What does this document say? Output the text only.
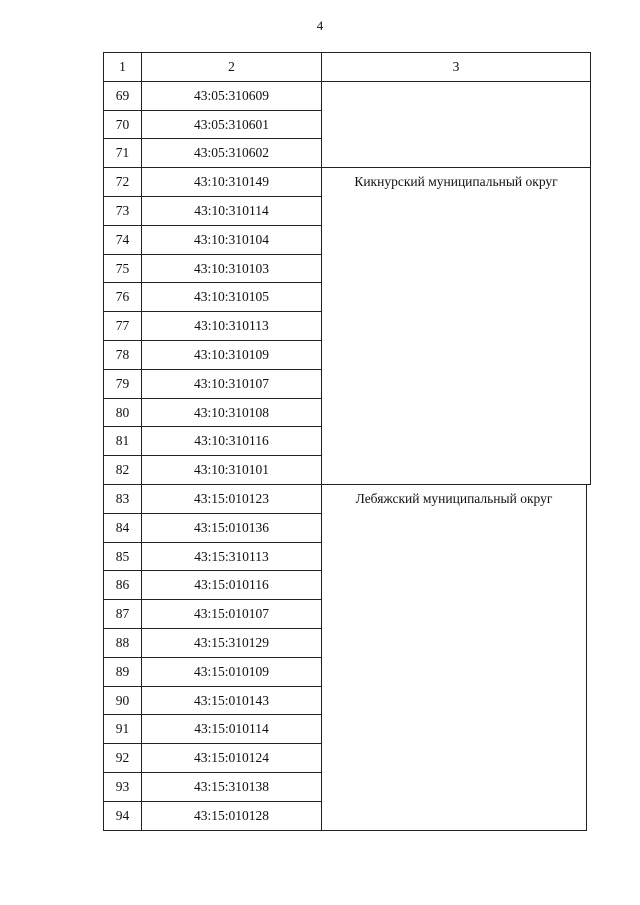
4
1	2	3
69	43:05:310609	

70	43:05:310601	
71	43:05:310602	
72	43:10:310149	Кикнурский муниципальный округ

73	43:10:310114	
74	43:10:310104	
75	43:10:310103	
76	43:10:310105	
77	43:10:310113	
78	43:10:310109	
79	43:10:310107	
80	43:10:310108	
81	43:10:310116	
82	43:10:310101	
83	43:15:010123	Лебяжский муниципальный округ

84	43:15:010136	
85	43:15:310113	
86	43:15:010116	
87	43:15:010107	
88	43:15:310129	
89	43:15:010109	
90	43:15:010143	
91	43:15:010114	
92	43:15:010124	
93	43:15:310138	
94	43:15:010128	
